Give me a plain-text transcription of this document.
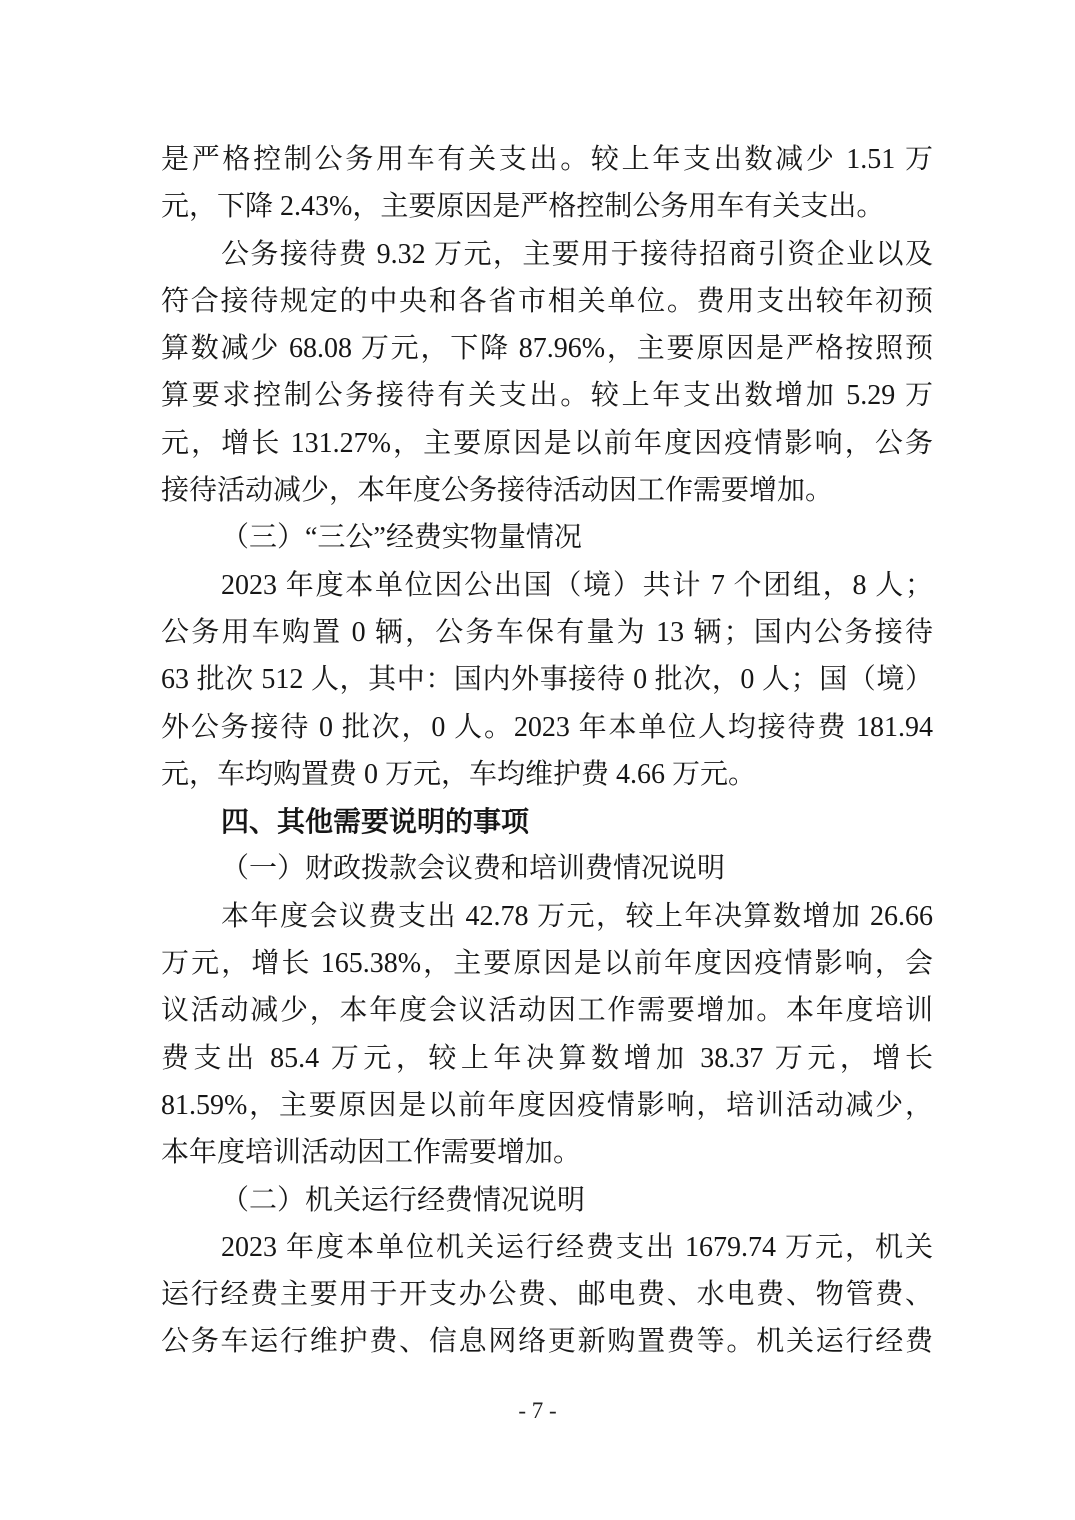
是严格控制公务用车有关支出。较上年支出数减少 1.51 万
元，下降 2.43%，主要原因是严格控制公务用车有关支出。
公务接待费 9.32 万元，主要用于接待招商引资企业以及
符合接待规定的中央和各省市相关单位。费用支出较年初预
算数减少 68.08 万元，下降 87.96%，主要原因是严格按照预
算要求控制公务接待有关支出。较上年支出数增加 5.29 万
元，增长 131.27%，主要原因是以前年度因疫情影响，公务
接待活动减少，本年度公务接待活动因工作需要增加。
（三）“三公”经费实物量情况
2023 年度本单位因公出国（境）共计 7 个团组，8 人；
公务用车购置 0 辆，公务车保有量为 13 辆；国内公务接待
63 批次 512 人，其中：国内外事接待 0 批次，0 人；国（境）
外公务接待 0 批次，0 人。2023 年本单位人均接待费 181.94
元，车均购置费 0 万元，车均维护费 4.66 万元。
四、其他需要说明的事项
（一）财政拨款会议费和培训费情况说明
本年度会议费支出 42.78 万元，较上年决算数增加 26.66
万元，增长 165.38%，主要原因是以前年度因疫情影响，会
议活动减少，本年度会议活动因工作需要增加。本年度培训
费支出 85.4 万元，较上年决算数增加 38.37 万元，增长
81.59%，主要原因是以前年度因疫情影响，培训活动减少，
本年度培训活动因工作需要增加。
（二）机关运行经费情况说明
2023 年度本单位机关运行经费支出 1679.74 万元，机关
运行经费主要用于开支办公费、邮电费、水电费、物管费、
公务车运行维护费、信息网络更新购置费等。机关运行经费
- 7 -
